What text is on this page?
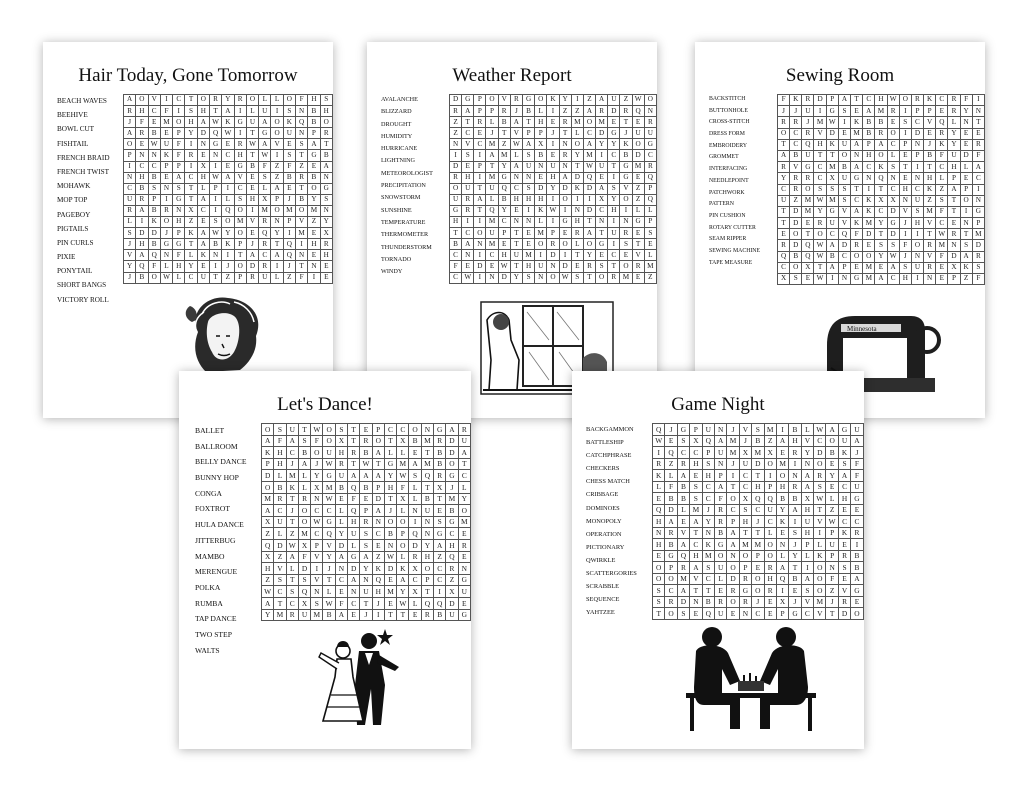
Hair Today, Gone Tomorrow
BEACH WAVES
BEEHIVE
BOWL CUT
FISHTAIL
FRENCH BRAID
FRENCH TWIST
MOHAWK
MOP TOP
PAGEBOY
PIGTAILS
PIN CURLS
PIXIE
PONYTAIL
SHORT BANGS
VICTORY ROLL
A	O	V	I	C	T	O	R	Y	R	O	L	L	O	F	H	S
R	H	C	F	I	S	H	T	A	I	L	U	I	S	N	B	H
J	F	E	M	O	H	A	W	K	G	U	A	O	K	Q	B	O
A	R	B	E	P	Y	D	Q	W	I	T	G	O	U	N	P	R
O	E	W	U	F	I	N	G	E	R	W	A	V	E	S	A	T
P	N	N	K	F	R	E	N	C	H	T	W	I	S	T	G	B
I	C	C	P	P	I	X	I	E	G	B	F	Z	F	Z	E	A
N	H	B	E	A	C	H	W	A	V	E	S	Z	B	R	B	N
C	B	S	N	S	T	L	P	I	C	E	L	A	E	T	O	G
U	R	P	I	G	T	A	I	L	S	H	X	P	J	B	Y	S
R	A	B	R	N	X	C	I	Q	O	I	M	O	M	O	M	N
L	I	K	O	H	Z	E	S	O	M	V	R	N	P	V	Z	Y
S	D	D	J	P	K	A	W	Y	O	E	Q	Y	I	M	E	X
J	H	B	G	G	T	A	B	K	P	J	R	T	Q	I	H	R
V	A	Q	N	F	L	K	N	I	T	A	C	A	Q	N	E	H
Y	Q	F	L	H	Y	E	I	J	O	D	R	I	J	T	N	E
J	B	O	W	L	C	U	T	Z	P	R	U	L	Z	F	I	E
Weather Report
AVALANCHE
BLIZZARD
DROUGHT
HUMIDITY
HURRICANE
LIGHTNING
METEOROLOGIST
PRECIPITATION
SNOWSTORM
SUNSHINE
TEMPERATURE
THERMOMETER
THUNDERSTORM
TORNADO
WINDY
D	G	P	O	V	R	G	O	K	Y	I	Z	A	U	Z	W	O
R	A	P	P	R	J	B	L	I	Z	Z	A	R	D	R	Q	N
Z	T	R	L	B	A	T	H	E	R	M	O	M	E	T	E	R
Z	C	E	J	T	V	P	P	J	T	L	C	D	G	J	U	U
N	V	C	M	Z	W	A	X	I	N	O	A	Y	Y	K	O	G
I	S	I	A	M	L	S	B	E	R	Y	M	I	C	B	D	C
D	E	P	T	Y	A	U	N	U	N	T	W	U	T	G	M	R
R	H	I	M	G	N	N	E	H	A	D	Q	E	I	G	E	Q
O	U	T	U	Q	C	S	D	Y	D	K	D	A	S	V	Z	P
U	R	A	L	B	H	H	H	I	O	I	I	X	Y	O	Z	Q
G	R	T	Q	Y	E	I	K	W	I	N	D	C	H	I	L	L
H	I	I	M	C	N	N	L	I	G	H	T	N	I	N	G	P
T	C	O	U	P	T	E	M	P	E	R	A	T	U	R	E	S
B	A	N	M	E	T	E	O	R	O	L	O	G	I	S	T	E
C	N	I	C	H	U	M	I	D	I	T	Y	E	C	E	V	L
F	E	D	E	W	T	H	U	N	D	E	R	S	T	O	R	M
C	W	I	N	D	Y	S	N	O	W	S	T	O	R	M	E	Z
Sewing Room
BACKSTITCH
BUTTONHOLE
CROSS-STITCH
DRESS FORM
EMBROIDERY
GROMMET
INTERFACING
NEEDLEPOINT
PATCHWORK
PATTERN
PIN CUSHION
ROTARY CUTTER
SEAM RIPPER
SEWING MACHINE
TAPE MEASURE
F	K	R	D	P	A	T	C	H	W	O	R	K	C	R	F	I
J	J	U	I	G	S	E	A	M	R	I	P	P	E	R	Y	N
R	R	J	M	W	I	K	B	B	E	S	C	V	Q	L	N	T
O	C	R	V	D	E	M	B	R	O	I	D	E	R	Y	E	E
T	C	Q	H	K	U	A	P	A	C	P	N	J	K	Y	E	R
A	B	U	T	T	O	N	H	O	L	E	P	B	F	U	D	F
R	V	G	C	M	B	A	C	K	S	T	I	T	C	H	L	A
Y	R	R	C	X	U	G	N	Q	N	E	N	H	L	P	E	C
C	R	O	S	S	S	T	I	T	C	H	C	K	Z	A	P	I
U	Z	M	W	M	S	C	K	X	X	N	U	Z	S	T	O	N
T	D	M	Y	G	V	A	K	C	D	V	S	M	F	T	I	G
T	D	E	R	U	V	K	M	Y	G	J	H	V	C	E	N	P
E	O	T	O	C	Q	F	D	T	D	I	I	T	W	R	T	M
R	D	Q	W	A	D	R	E	S	S	F	O	R	M	N	S	D
Q	B	Q	W	B	C	O	O	Y	W	J	N	V	F	D	A	R
C	O	X	T	A	P	E	M	E	A	S	U	R	E	X	K	S
X	S	E	W	I	N	G	M	A	C	H	I	N	E	P	Z	F
Minnesota
Let's Dance!
BALLET
BALLROOM
BELLY DANCE
BUNNY HOP
CONGA
FOXTROT
HULA DANCE
JITTERBUG
MAMBO
MERENGUE
POLKA
RUMBA
TAP DANCE
TWO STEP
WALTS
O	S	U	T	W	O	S	T	E	P	C	C	O	N	G	A	R
A	F	A	S	F	O	X	T	R	O	T	X	B	M	R	D	U
K	H	C	B	O	U	H	R	B	A	L	L	E	T	B	D	A
P	H	J	A	J	W	R	T	W	T	G	M	A	M	B	O	T
D	L	M	L	Y	G	U	A	A	A	Y	W	S	Q	R	G	C
O	B	K	L	X	M	B	Q	B	P	H	F	L	T	X	J	L
M	R	T	R	N	W	E	F	E	D	T	X	L	B	T	M	Y
A	C	J	O	C	C	L	Q	P	A	J	L	N	U	E	B	O
X	U	T	O	W	G	L	H	R	N	O	O	I	N	S	G	M
Z	L	Z	M	C	Q	Y	U	S	C	B	P	Q	N	G	C	E
Q	D	W	X	P	V	D	L	S	E	N	O	D	Y	A	H	R
X	Z	A	F	V	Y	A	G	A	Z	W	L	R	H	Z	Q	E
H	V	L	D	I	J	N	D	Y	K	D	K	X	O	C	R	N
Z	S	T	S	V	T	C	A	N	Q	E	A	C	P	C	Z	G
W	C	S	Q	N	L	E	N	U	H	M	Y	X	T	I	X	U
A	T	C	X	S	W	F	C	T	J	E	W	L	Q	Q	D	E
Y	M	R	U	M	B	A	E	J	I	T	T	E	R	B	U	G
Game Night
BACKGAMMON
BATTLESHIP
CATCHPHRASE
CHECKERS
CHESS MATCH
CRIBBAGE
DOMINOES
MONOPOLY
OPERATION
PICTIONARY
QWIRKLE
SCATTERGORIES
SCRABBLE
SEQUENCE
YAHTZEE
Q	J	G	P	U	N	J	V	S	M	I	B	L	W	A	G	U
W	E	S	X	Q	A	M	J	B	Z	A	H	V	C	O	U	A
I	Q	C	C	P	U	M	X	M	X	E	R	Y	D	B	K	J
R	Z	R	H	S	N	J	U	D	O	M	I	N	O	E	S	F
K	L	A	E	H	P	I	C	T	I	O	N	A	R	Y	A	F
L	F	B	S	C	A	T	C	H	P	H	R	A	S	E	C	U
E	B	B	S	C	F	O	X	Q	Q	B	B	X	W	L	H	G
Q	D	L	M	J	R	C	S	C	U	Y	A	H	T	Z	E	E
H	A	E	A	Y	R	P	H	J	C	K	I	U	V	W	C	C
N	R	V	T	N	B	A	T	T	L	E	S	H	I	P	K	R
H	B	A	C	K	G	A	M	M	O	N	J	P	L	U	E	I
E	G	Q	H	M	O	N	O	P	O	L	Y	L	K	P	R	B
O	P	R	A	S	U	O	P	E	R	A	T	I	O	N	S	B
O	O	M	V	C	L	D	R	O	H	Q	B	A	O	F	E	A
S	C	A	T	T	E	R	G	O	R	I	E	S	O	Z	V	G
S	R	D	N	B	R	O	R	J	E	X	J	V	M	J	R	E
T	O	S	E	Q	U	E	N	C	E	P	G	C	V	T	D	O
